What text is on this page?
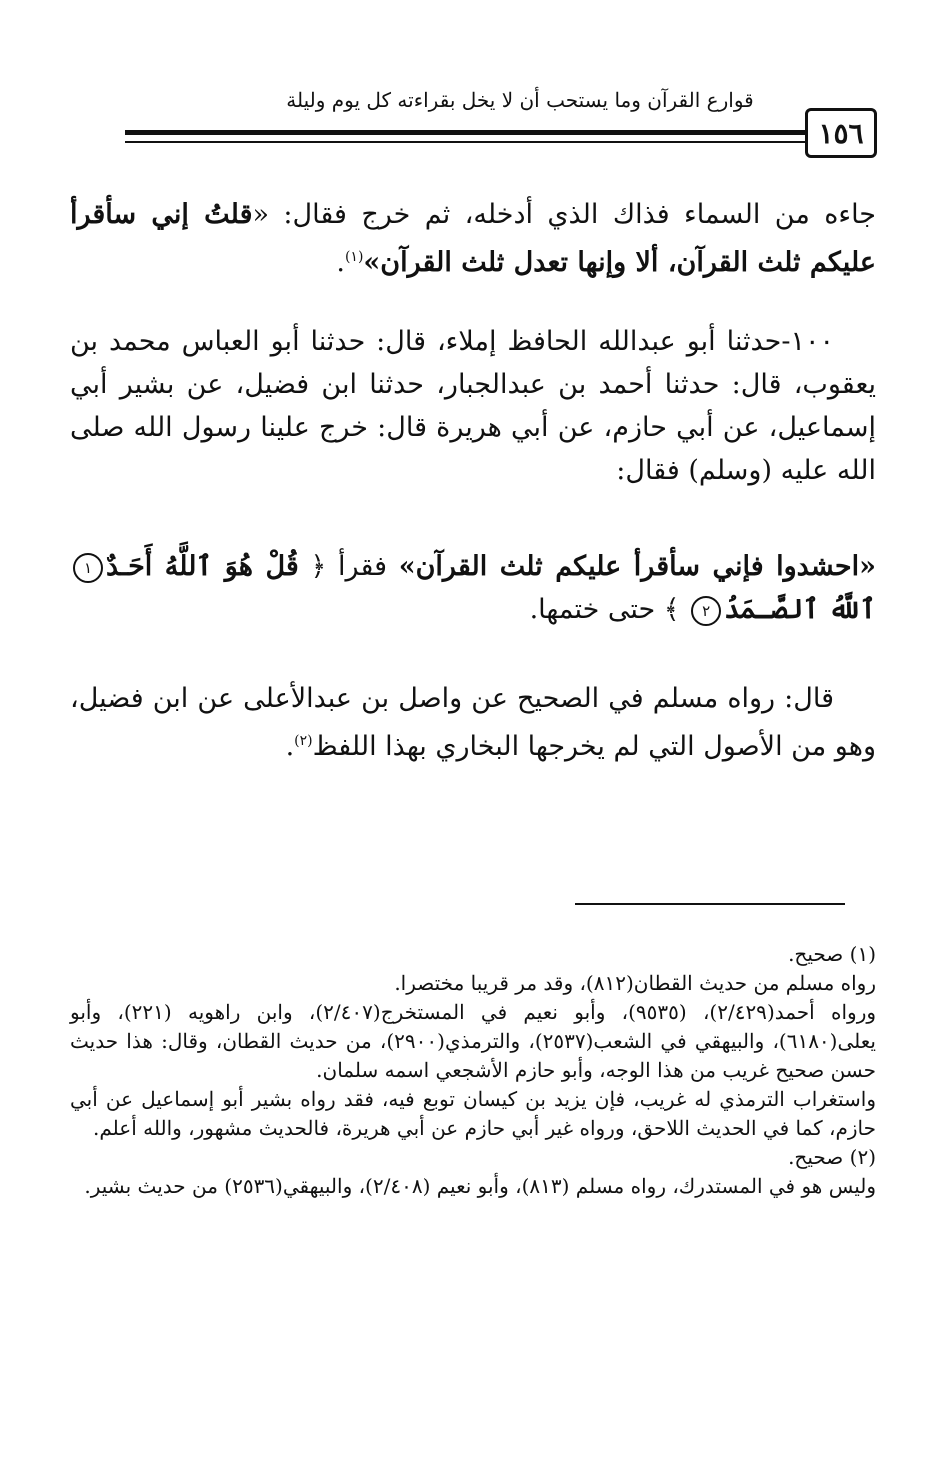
قوارع القرآن وما يستحب أن لا يخل بقراءته كل يوم وليلة
١٥٦

جاءه من السماء فذاك الذي أدخله، ثم خرج فقال: «قلتُ إني سأقرأ عليكم ثلث القرآن، ألا وإنها تعدل ثلث القرآن»$^{(١)}$.

١٠٠-حدثنا أبو عبدالله الحافظ إملاء، قال: حدثنا أبو العباس محمد بن يعقوب، قال: حدثنا أحمد بن عبدالجبار، حدثنا ابن فضيل، عن بشير أبي إسماعيل، عن أبي حازم، عن أبي هريرة قال: خرج علينا رسول الله صلى الله عليه (وسلم) فقال:

«احشدوا فإني سأقرأ عليكم ثلث القرآن» فقرأ ﴿ قُلْ هُوَ ٱللَّهُ أَحَـدٌ١ ٱللَّهُ ٱلصَّـمَدُ٢ ﴾ حتى ختمها.

قال: رواه مسلم في الصحيح عن واصل بن عبدالأعلى عن ابن فضيل، وهو من الأصول التي لم يخرجها البخاري بهذا اللفظ$^{(٢)}$.

(١) صحيح.

رواه مسلم من حديث القطان(٨١٢)، وقد مر قريبا مختصرا.

ورواه أحمد(٢/٤٢٩)، (٩٥٣٥)، وأبو نعيم في المستخرج(٢/٤٠٧)، وابن راهويه (٢٢١)، وأبو يعلى(٦١٨٠)، والبيهقي في الشعب(٢٥٣٧)، والترمذي(٢٩٠٠)، من حديث القطان، وقال: هذا حديث حسن صحيح غريب من هذا الوجه، وأبو حازم الأشجعي اسمه سلمان.

واستغراب الترمذي له غريب، فإن يزيد بن كيسان توبع فيه، فقد رواه بشير أبو إسماعيل عن أبي حازم، كما في الحديث اللاحق، ورواه غير أبي حازم عن أبي هريرة، فالحديث مشهور، والله أعلم.

(٢) صحيح.

وليس هو في المستدرك، رواه مسلم (٨١٣)، وأبو نعيم (٢/٤٠٨)، والبيهقي(٢٥٣٦) من حديث بشير.
